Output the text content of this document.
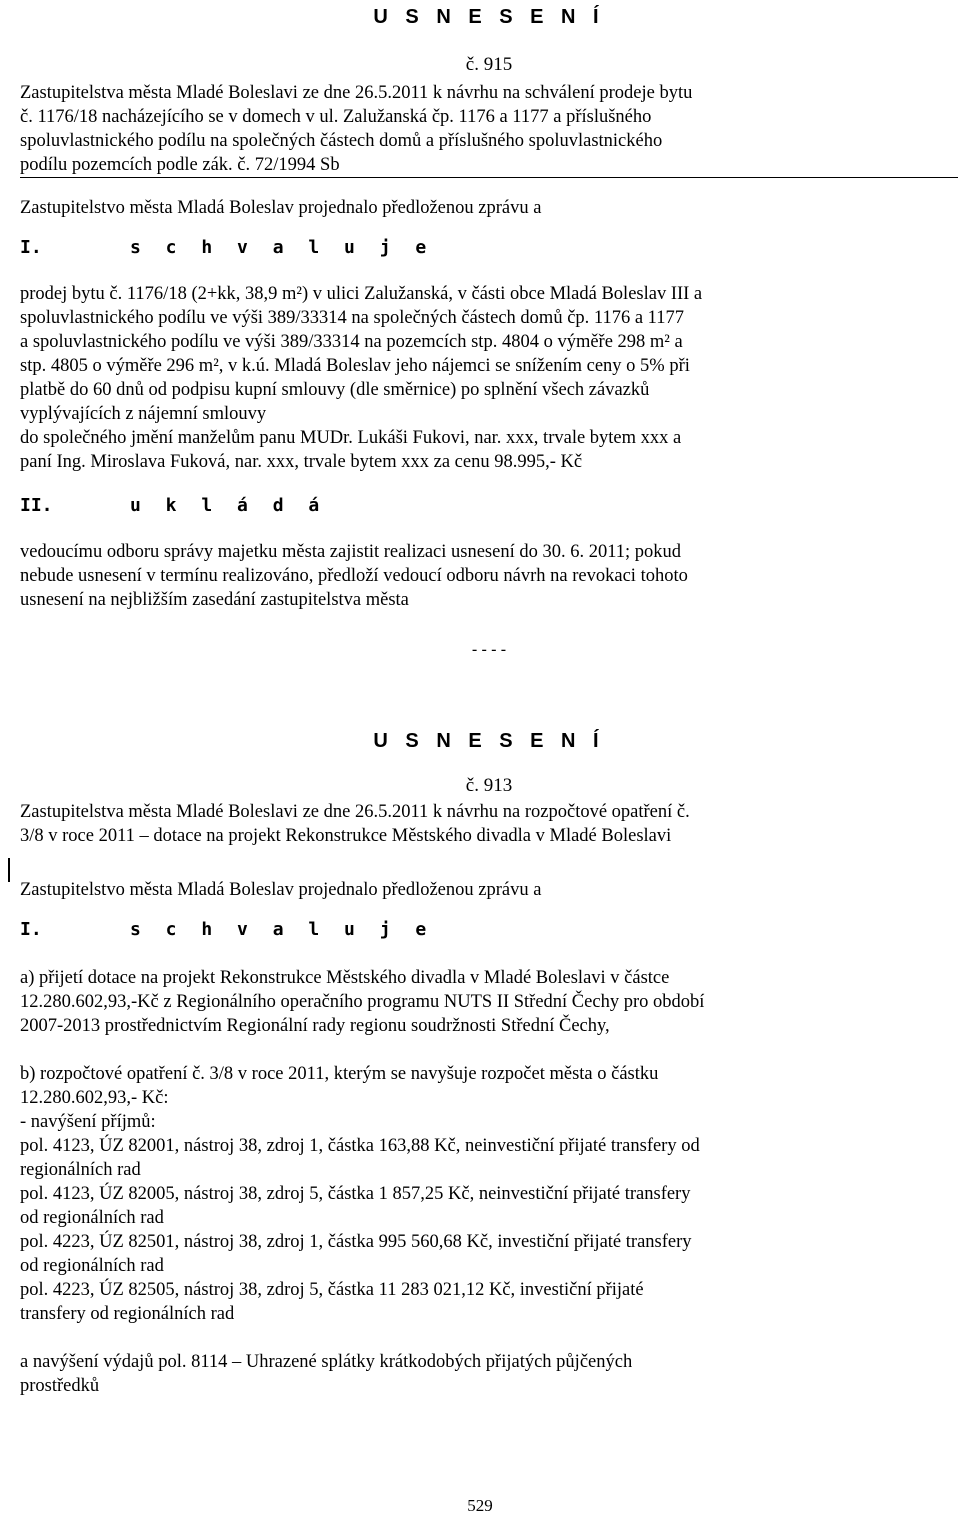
U S N E S E N Í
č. 915
Zastupitelstva města Mladé Boleslavi ze dne 26.5.2011 k návrhu na schválení prodeje bytu
č. 1176/18 nacházejícího se v domech v ul. Zalužanská čp. 1176 a 1177 a příslušného
spoluvlastnického podílu na společných částech domů a příslušného spoluvlastnického
podílu pozemcích podle zák. č. 72/1994 Sb
Zastupitelstvo města Mladá Boleslav projednalo předloženou zprávu a
I.	s c h v a l u j e
prodej bytu č. 1176/18 (2+kk, 38,9 m²) v ulici Zalužanská, v části obce Mladá Boleslav III a
spoluvlastnického podílu ve výši 389/33314 na společných částech domů čp. 1176 a 1177
a spoluvlastnického podílu ve výši 389/33314 na pozemcích stp. 4804 o výměře 298 m² a
stp. 4805 o výměře 296 m², v k.ú. Mladá Boleslav jeho nájemci se snížením ceny o 5% při
platbě do 60 dnů od podpisu kupní smlouvy (dle směrnice) po splnění všech závazků
vyplývajících z nájemní smlouvy
do společného jmění manželům panu MUDr. Lukáši Fukovi, nar. xxx, trvale bytem xxx a
paní Ing. Miroslava Fuková, nar. xxx, trvale bytem xxx za cenu 98.995,- Kč
II.	u k l á d á
vedoucímu odboru správy majetku města zajistit realizaci usnesení do 30. 6. 2011; pokud
nebude usnesení v termínu realizováno, předloží vedoucí odboru návrh na revokaci tohoto
usnesení na nejbližším zasedání zastupitelstva města
----
U S N E S E N Í
č. 913
Zastupitelstva města Mladé Boleslavi ze dne 26.5.2011 k návrhu na rozpočtové opatření č.
3/8 v roce 2011 – dotace na projekt Rekonstrukce Městského divadla v Mladé Boleslavi
Zastupitelstvo města Mladá Boleslav projednalo předloženou zprávu a
I.	s c h v a l u j e
a) přijetí dotace na projekt Rekonstrukce Městského divadla v Mladé Boleslavi v částce
12.280.602,93,-Kč z Regionálního operačního programu NUTS II Střední Čechy pro období
2007-2013 prostřednictvím Regionální rady regionu soudržnosti Střední Čechy,
b) rozpočtové opatření č. 3/8 v roce 2011, kterým se navyšuje rozpočet města o částku
12.280.602,93,- Kč:
- navýšení příjmů:
pol. 4123, ÚZ 82001, nástroj 38, zdroj 1, částka 163,88 Kč, neinvestiční přijaté transfery od
regionálních rad
pol. 4123, ÚZ 82005, nástroj 38, zdroj 5, částka 1 857,25 Kč, neinvestiční přijaté transfery
od regionálních rad
pol. 4223, ÚZ 82501, nástroj 38, zdroj 1, částka 995 560,68 Kč, investiční přijaté transfery
od regionálních rad
pol. 4223, ÚZ 82505, nástroj 38, zdroj 5, částka 11 283 021,12 Kč, investiční přijaté
transfery od regionálních rad
a navýšení výdajů pol. 8114 – Uhrazené splátky krátkodobých přijatých půjčených
prostředků
529
